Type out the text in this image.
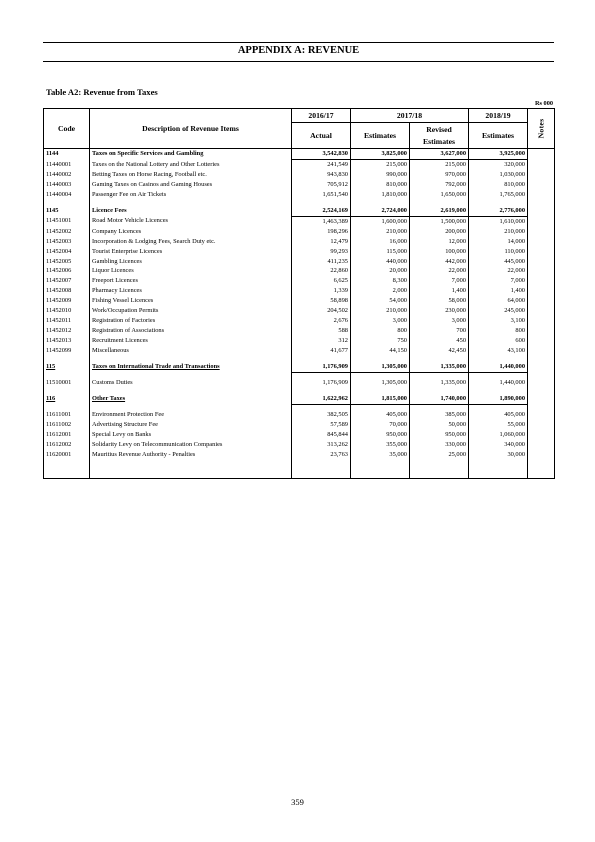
APPENDIX A: REVENUE
Table A2: Revenue from Taxes
Rs 000
Code	Description of Revenue Items	2016/17	2017/18		2018/19	Notes
		Actual	Estimates	Revised Estimates	Estimates	
1144	Taxes on Specific Services and Gambling	3,542,830	3,825,000	3,627,000	3,925,000	
11440001	Taxes on the National Lottery and Other Lotteries	241,549	215,000	215,000	320,000	
11440002	Betting Taxes on Horse Racing, Football etc.	943,830	990,000	970,000	1,030,000	
11440003	Gaming Taxes on Casinos and Gaming Houses	705,912	810,000	792,000	810,000	
11440004	Passenger Fee on Air Tickets	1,651,540	1,810,000	1,650,000	1,765,000	

1145	Licence Fees	2,524,169	2,724,000	2,619,000	2,776,000	
11451001	Road Motor Vehicle Licences	1,463,389	1,600,000	1,500,000	1,610,000	
11452002	Company Licences	198,296	210,000	200,000	210,000	
11452003	Incorporation & Lodging Fees, Search Duty etc.	12,479	16,000	12,000	14,000	
11452004	Tourist Enterprise Licences	99,293	115,000	100,000	110,000	
11452005	Gambling Licences	411,235	440,000	442,000	445,000	
11452006	Liquor Licences	22,860	20,000	22,000	22,000	
11452007	Freeport Licences	6,625	8,300	7,000	7,000	
11452008	Pharmacy Licences	1,339	2,000	1,400	1,400	
11452009	Fishing Vessel Licences	58,898	54,000	58,000	64,000	
11452010	Work/Occupation Permits	204,502	210,000	230,000	245,000	
11452011	Registration of Factories	2,676	3,000	3,000	3,100	
11452012	Registration of Associations	588	800	700	800	
11452013	Recruitment Licences	312	750	450	600	
11452099	Miscellaneous	41,677	44,150	42,450	43,100	

115	Taxes on International Trade and Transactions	1,176,909	1,305,000	1,335,000	1,440,000	

11510001	Customs Duties	1,176,909	1,305,000	1,335,000	1,440,000	

116	Other Taxes	1,622,962	1,815,000	1,740,000	1,890,000	

11611001	Environment Protection Fee	382,505	405,000	385,000	405,000	
11611002	Advertising Structure Fee	57,589	70,000	50,000	55,000	
11612001	Special Levy on Banks	845,844	950,000	950,000	1,060,000	
11612002	Solidarity Levy on Telecommunication Companies	313,262	355,000	330,000	340,000	
11620001	Mauritius Revenue Authority - Penalties	23,763	35,000	25,000	30,000	

359
